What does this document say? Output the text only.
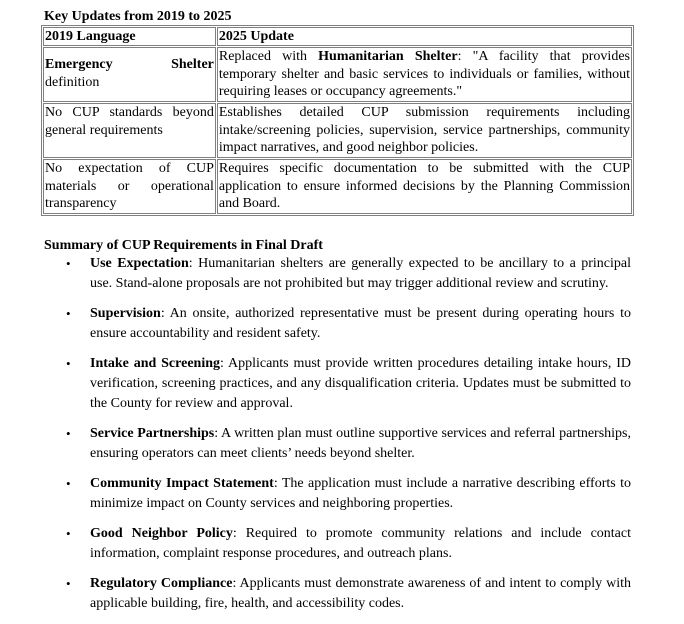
Key Updates from 2019 to 2025
2019 Language	2025 Update

Emergency Shelter
definition	Replaced with Humanitarian Shelter: "A facility that provides temporary shelter and basic services to individuals or families, without requiring leases or occupancy agreements."
No CUP standards beyond general requirements	Establishes detailed CUP submission requirements including intake/screening policies, supervision, service partnerships, community impact narratives, and good neighbor policies.
No expectation of CUP materials or operational transparency	Requires specific documentation to be submitted with the CUP application to ensure informed decisions by the Planning Commission and Board.
Summary of CUP Requirements in Final Draft
• Use Expectation: Humanitarian shelters are generally expected to be ancillary to a principal use. Stand-alone proposals are not prohibited but may trigger additional review and scrutiny.
• Supervision: An onsite, authorized representative must be present during operating hours to ensure accountability and resident safety.
• Intake and Screening: Applicants must provide written procedures detailing intake hours, ID verification, screening practices, and any disqualification criteria. Updates must be submitted to the County for review and approval.
• Service Partnerships: A written plan must outline supportive services and referral partnerships, ensuring operators can meet clients’ needs beyond shelter.
• Community Impact Statement: The application must include a narrative describing efforts to minimize impact on County services and neighboring properties.
• Good Neighbor Policy: Required to promote community relations and include contact information, complaint response procedures, and outreach plans.
• Regulatory Compliance: Applicants must demonstrate awareness of and intent to comply with applicable building, fire, health, and accessibility codes.
